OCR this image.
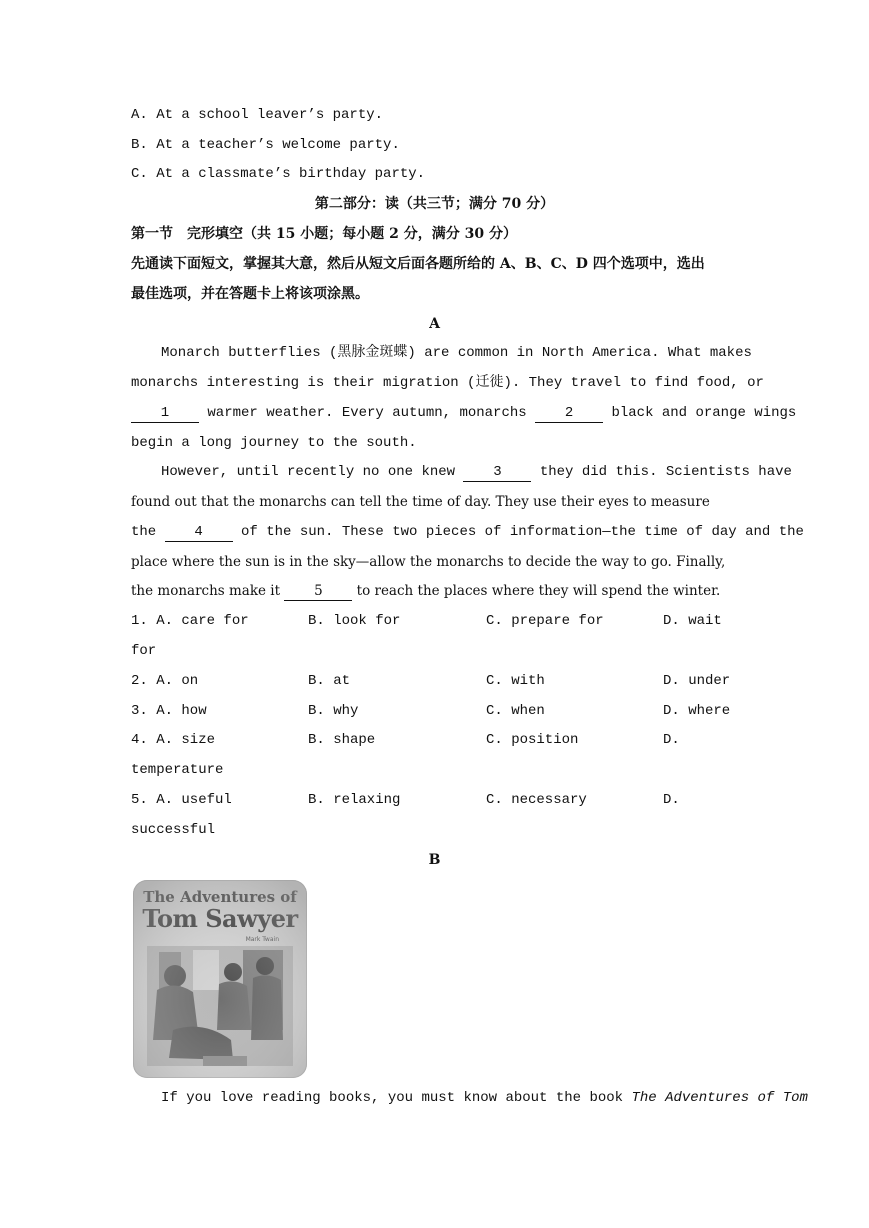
A. At a school leaver’s party.
B. At a teacher’s welcome party.
C. At a classmate’s birthday party.
第二部分：读（共三节；满分 70 分）
第一节　完形填空（共 15 小题；每小题 2 分，满分 30 分）
先通读下面短文，掌握其大意，然后从短文后面各题所给的 A、B、C、D 四个选项中，选出
最佳选项，并在答题卡上将该项涂黑。
A
Monarch butterflies (黑脉金斑蝶) are common in North America. What makes
monarchs interesting is their migration (迁徙). They travel to find food, or
1 warmer weather. Every autumn, monarchs 2 black and orange wings
begin a long journey to the south.
However, until recently no one knew 3 they did this. Scientists have
found out that the monarchs can tell the time of day. They use their eyes to measure
the 4 of the sun. These two pieces of information—the time of day and the
place where the sun is in the sky—allow the monarchs to decide the way to go. Finally,
the monarchs make it 5 to reach the places where they will spend the winter.
1. A. care for	B. look for	C. prepare for	D. wait
for
2. A. on	B. at	C. with	D. under
3. A. how	B. why	C. when	D. where
4. A. size	B. shape	C. position	D.
temperature
5. A. useful	B. relaxing	C. necessary	D.
successful
B
If you love reading books, you must know about the book The Adventures of Tom
